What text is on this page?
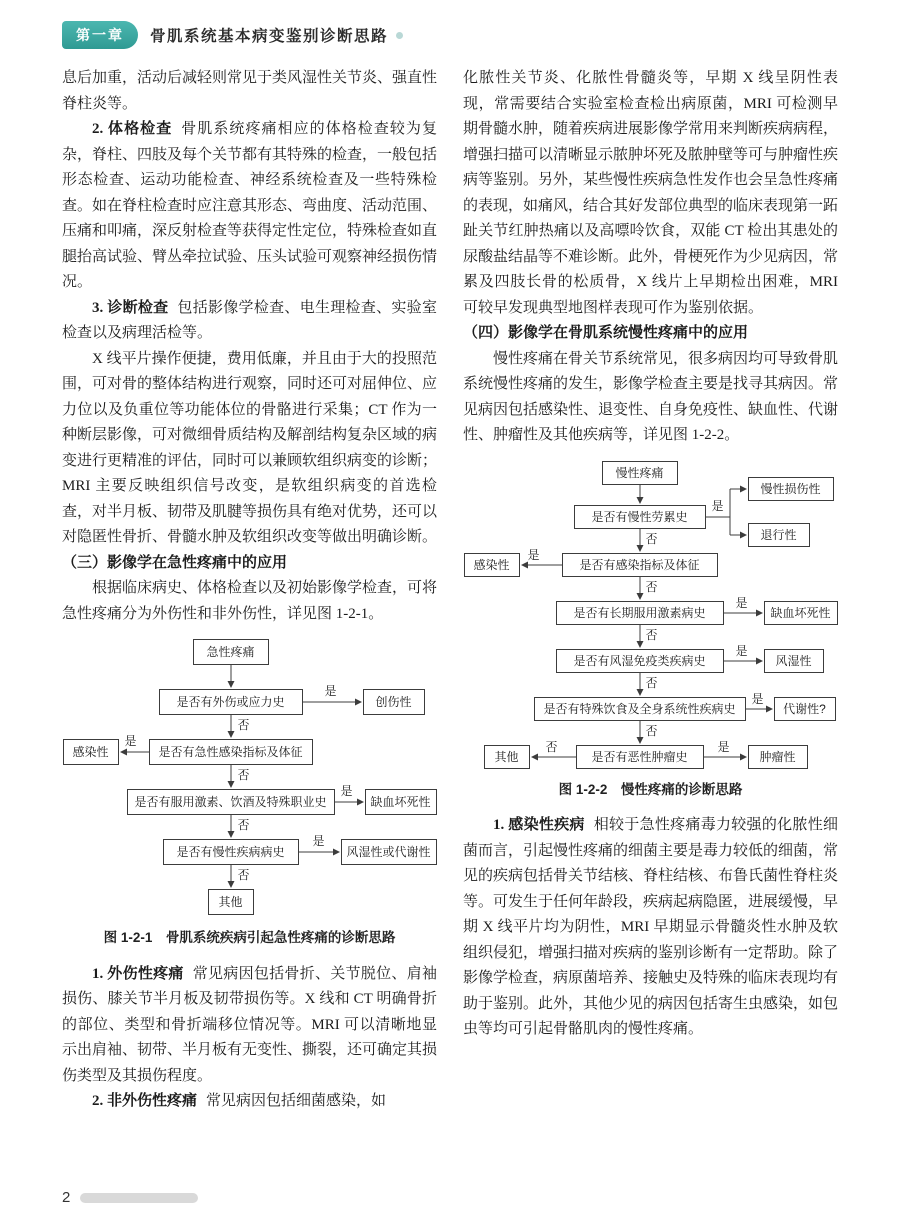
第一章	骨肌系统基本病变鉴别诊断思路

息后加重，活动后减轻则常见于类风湿性关节炎、强直性脊柱炎等。

2. 体格检查 骨肌系统疼痛相应的体格检查较为复杂，脊柱、四肢及每个关节都有其特殊的检查，一般包括形态检查、运动功能检查、神经系统检查及一些特殊检查。如在脊柱检查时应注意其形态、弯曲度、活动范围、压痛和叩痛，深反射检查等获得定性定位，特殊检查如直腿抬高试验、臂丛牵拉试验、压头试验可观察神经损伤情况。

3. 诊断检查 包括影像学检查、电生理检查、实验室检查以及病理活检等。

X 线平片操作便捷，费用低廉，并且由于大的投照范围，可对骨的整体结构进行观察，同时还可对屈伸位、应力位以及负重位等功能体位的骨骼进行采集；CT 作为一种断层影像，可对微细骨质结构及解剖结构复杂区域的病变进行更精准的评估，同时可以兼顾软组织病变的诊断；MRI 主要反映组织信号改变，是软组织病变的首选检查，对半月板、韧带及肌腱等损伤具有绝对优势，还可以对隐匿性骨折、骨髓水肿及软组织改变等做出明确诊断。

（三）影像学在急性疼痛中的应用

根据临床病史、体格检查以及初始影像学检查，可将急性疼痛分为外伤性和非外伤性，详见图 1-2-1。

急性疼痛
是否有外伤或应力史	创伤性
是否有急性感染指标及体征
感染性
是否有服用激素、饮酒及特殊职业史	缺血坏死性
是否有慢性疾病病史	风湿性或代谢性
其他
是
否
是
否
是
否
是
否

图 1-2-1　骨肌系统疾病引起急性疼痛的诊断思路

1. 外伤性疼痛 常见病因包括骨折、关节脱位、肩袖损伤、膝关节半月板及韧带损伤等。X 线和 CT 明确骨折的部位、类型和骨折端移位情况等。MRI 可以清晰地显示出肩袖、韧带、半月板有无变性、撕裂，还可确定其损伤类型及其损伤程度。

2. 非外伤性疼痛 常见病因包括细菌感染，如

化脓性关节炎、化脓性骨髓炎等，早期 X 线呈阴性表现，常需要结合实验室检查检出病原菌，MRI 可检测早期骨髓水肿，随着疾病进展影像学常用来判断疾病病程，增强扫描可以清晰显示脓肿坏死及脓肿壁等可与肿瘤性疾病等鉴别。另外，某些慢性疾病急性发作也会呈急性疼痛的表现，如痛风，结合其好发部位典型的临床表现第一跖趾关节红肿热痛以及高嘌呤饮食，双能 CT 检出其患处的尿酸盐结晶等不难诊断。此外，骨梗死作为少见病因，常累及四肢长骨的松质骨，X 线片上早期检出困难，MRI 可较早发现典型地图样表现可作为鉴别依据。

（四）影像学在骨肌系统慢性疼痛中的应用

慢性疼痛在骨关节系统常见，很多病因均可导致骨肌系统慢性疼痛的发生，影像学检查主要是找寻其病因。常见病因包括感染性、退变性、自身免疫性、缺血性、代谢性、肿瘤性及其他疾病等，详见图 1-2-2。

慢性疼痛
是否有慢性劳累史
慢性损伤性
退行性
是否有感染指标及体征
感染性
是否有长期服用激素病史	缺血坏死性
是否有风湿免疫类疾病史	风湿性
是否有特殊饮食及全身系统性疾病史	代谢性?
是否有恶性肿瘤史	肿瘤性
其他
是
否
是
否
是
否
是
否
是
否
是
否

图 1-2-2　慢性疼痛的诊断思路

1. 感染性疾病 相较于急性疼痛毒力较强的化脓性细菌而言，引起慢性疼痛的细菌主要是毒力较低的细菌，常见的疾病包括骨关节结核、脊柱结核、布鲁氏菌性脊柱炎等。可发生于任何年龄段，疾病起病隐匿，进展缓慢，早期 X 线平片均为阴性，MRI 早期显示骨髓炎性水肿及软组织侵犯，增强扫描对疾病的鉴别诊断有一定帮助。除了影像学检查，病原菌培养、接触史及特殊的临床表现均有助于鉴别。此外，其他少见的病因包括寄生虫感染，如包虫等均可引起骨骼肌肉的慢性疼痛。

2
